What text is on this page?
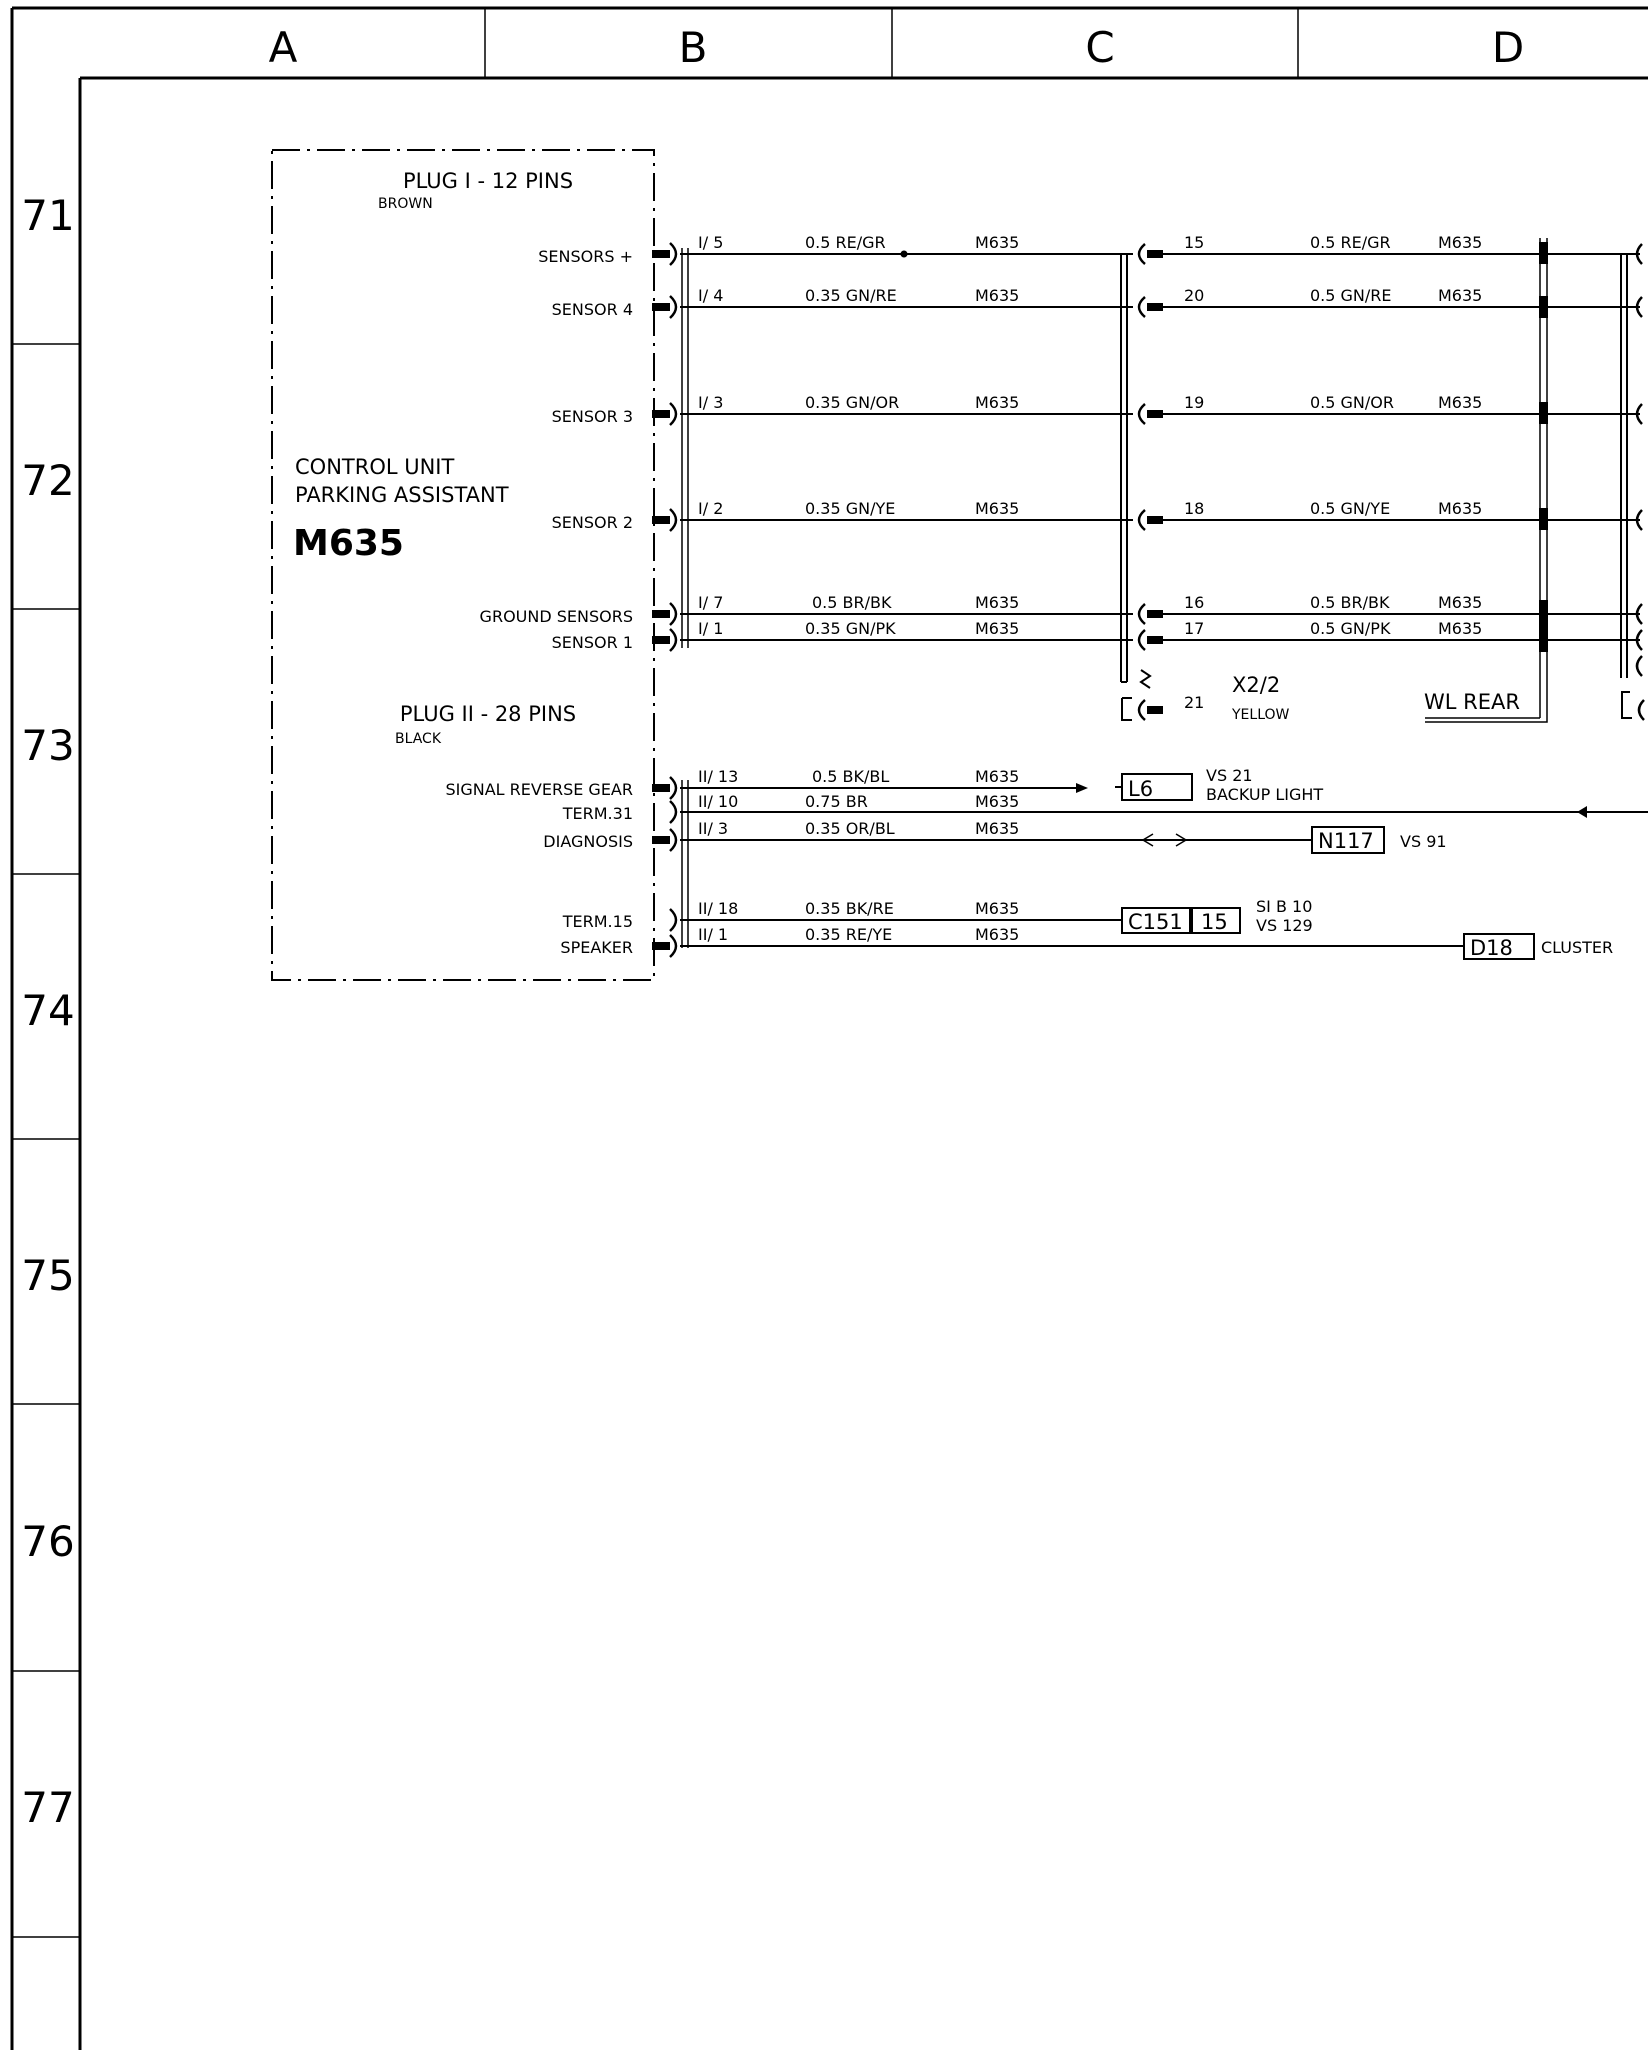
A	B	C	D
71
72
73
74
75
76
77
PLUG I - 12 PINS
BROWN
CONTROL UNIT
PARKING ASSISTANT
M635
PLUG II - 28 PINS
BLACK
SENSORS +
SENSOR 4
SENSOR 3
SENSOR 2
GROUND SENSORS
SENSOR 1
I/ 5	0.5 RE/GR	M635
I/ 4	0.35 GN/RE	M635
I/ 3	0.35 GN/OR	M635
I/ 2	0.35 GN/YE	M635
I/ 7	0.5 BR/BK	M635
I/ 1	0.35 GN/PK	M635
X2/2
YELLOW
21
15	0.5 RE/GR	M635
20	0.5 GN/RE	M635
19	0.5 GN/OR	M635
18	0.5 GN/YE	M635
16	0.5 BR/BK	M635
17	0.5 GN/PK	M635
WL REAR
SIGNAL REVERSE GEAR
TERM.31
DIAGNOSIS
TERM.15
SPEAKER
II/ 13	0.5 BK/BL	M635
II/ 10	0.75 BR	M635
II/ 3	0.35 OR/BL	M635
II/ 18	0.35 BK/RE	M635
II/ 1	0.35 RE/YE	M635
L6
VS 21
BACKUP LIGHT
N117 VS 91
C151 15
SI B 10
VS 129
D18 CLUSTER
